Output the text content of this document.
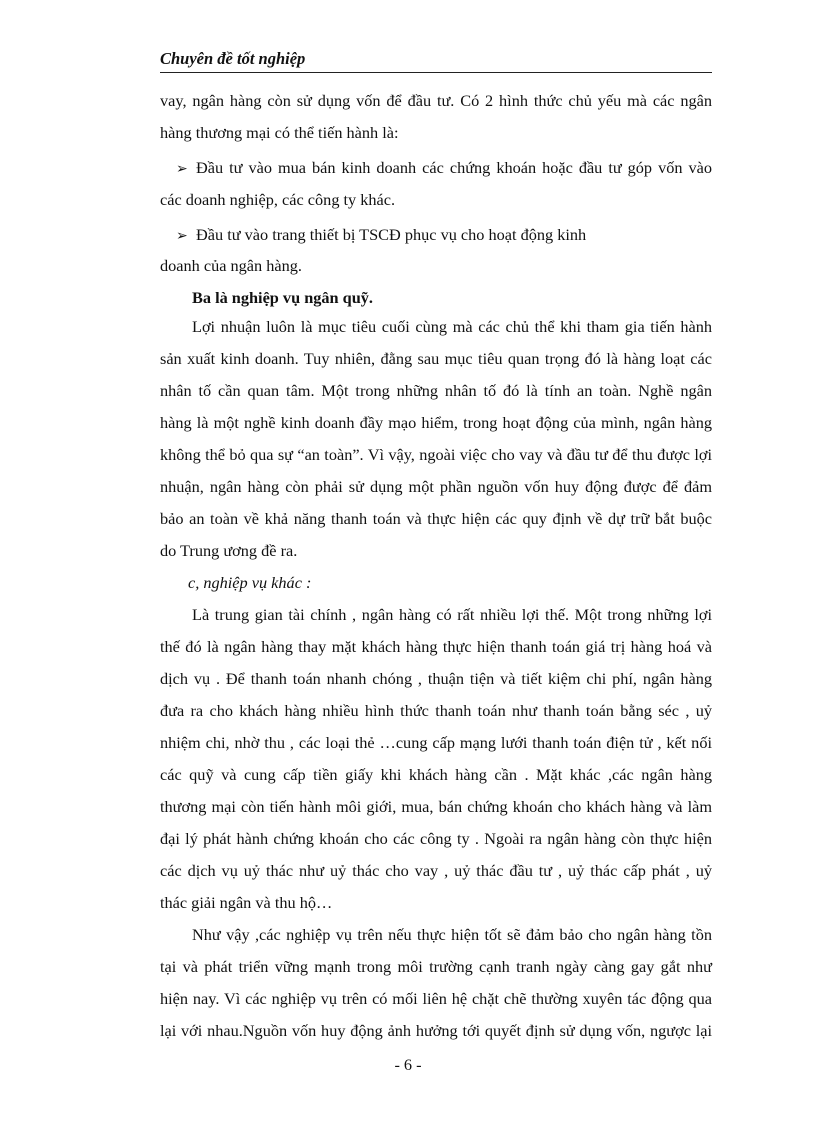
Chuyên đề tốt nghiệp
vay, ngân hàng còn sử dụng vốn để đầu tư. Có 2 hình thức chủ yếu mà các ngân
hàng thương mại có thể tiến hành là:
➢ Đầu tư vào mua bán kinh doanh các chứng khoán hoặc đầu tư góp vốn vào
các doanh nghiệp, các công ty khác.
➢ Đầu tư vào trang thiết bị TSCĐ phục vụ cho hoạt động kinh
doanh của ngân hàng.
Ba là nghiệp vụ ngân quỹ.
Lợi nhuận luôn là mục tiêu cuối cùng mà các chủ thể khi tham gia tiến hành
sản xuất kinh doanh. Tuy nhiên, đằng sau mục tiêu quan trọng đó là hàng loạt các
nhân tố cần quan tâm. Một trong những nhân tố đó là tính an toàn. Nghề ngân
hàng là một nghề kinh doanh đầy mạo hiểm, trong hoạt động của mình, ngân hàng
không thể bỏ qua sự “an toàn”. Vì vậy, ngoài việc cho vay và đầu tư để thu được lợi
nhuận, ngân hàng còn phải sử dụng một phần nguồn vốn huy động được để đảm
bảo an toàn về khả năng thanh toán và thực hiện các quy định về dự trữ bắt buộc
do Trung ương đề ra.
c, nghiệp vụ khác :
Là trung gian tài chính , ngân hàng có rất nhiều lợi thế. Một trong những lợi
thế đó là ngân hàng thay mặt khách hàng thực hiện thanh toán giá trị hàng hoá và
dịch vụ . Để thanh toán nhanh chóng , thuận tiện và tiết kiệm chi phí, ngân hàng
đưa ra cho khách hàng nhiều hình thức thanh toán như thanh toán bằng séc , uỷ
nhiệm chi, nhờ thu , các loại thẻ …cung cấp mạng lưới thanh toán điện tử , kết nối
các quỹ và cung cấp tiền giấy khi khách hàng cần . Mặt khác ,các ngân hàng
thương mại còn tiến hành môi giới, mua, bán chứng khoán cho khách hàng và làm
đại lý phát hành chứng khoán cho các công ty . Ngoài ra ngân hàng còn thực hiện
các dịch vụ uỷ thác như uỷ thác cho vay , uỷ thác đầu tư , uỷ thác cấp phát , uỷ
thác giải ngân và thu hộ…
Như vậy ,các nghiệp vụ trên nếu thực hiện tốt sẽ đảm bảo cho ngân hàng tồn
tại và phát triển vững mạnh trong môi trường cạnh tranh ngày càng gay gắt như
hiện nay. Vì các nghiệp vụ trên có mối liên hệ chặt chẽ thường xuyên tác động qua
lại với nhau.Nguồn vốn huy động ảnh hưởng tới quyết định sử dụng vốn, ngược lại
- 6 -
